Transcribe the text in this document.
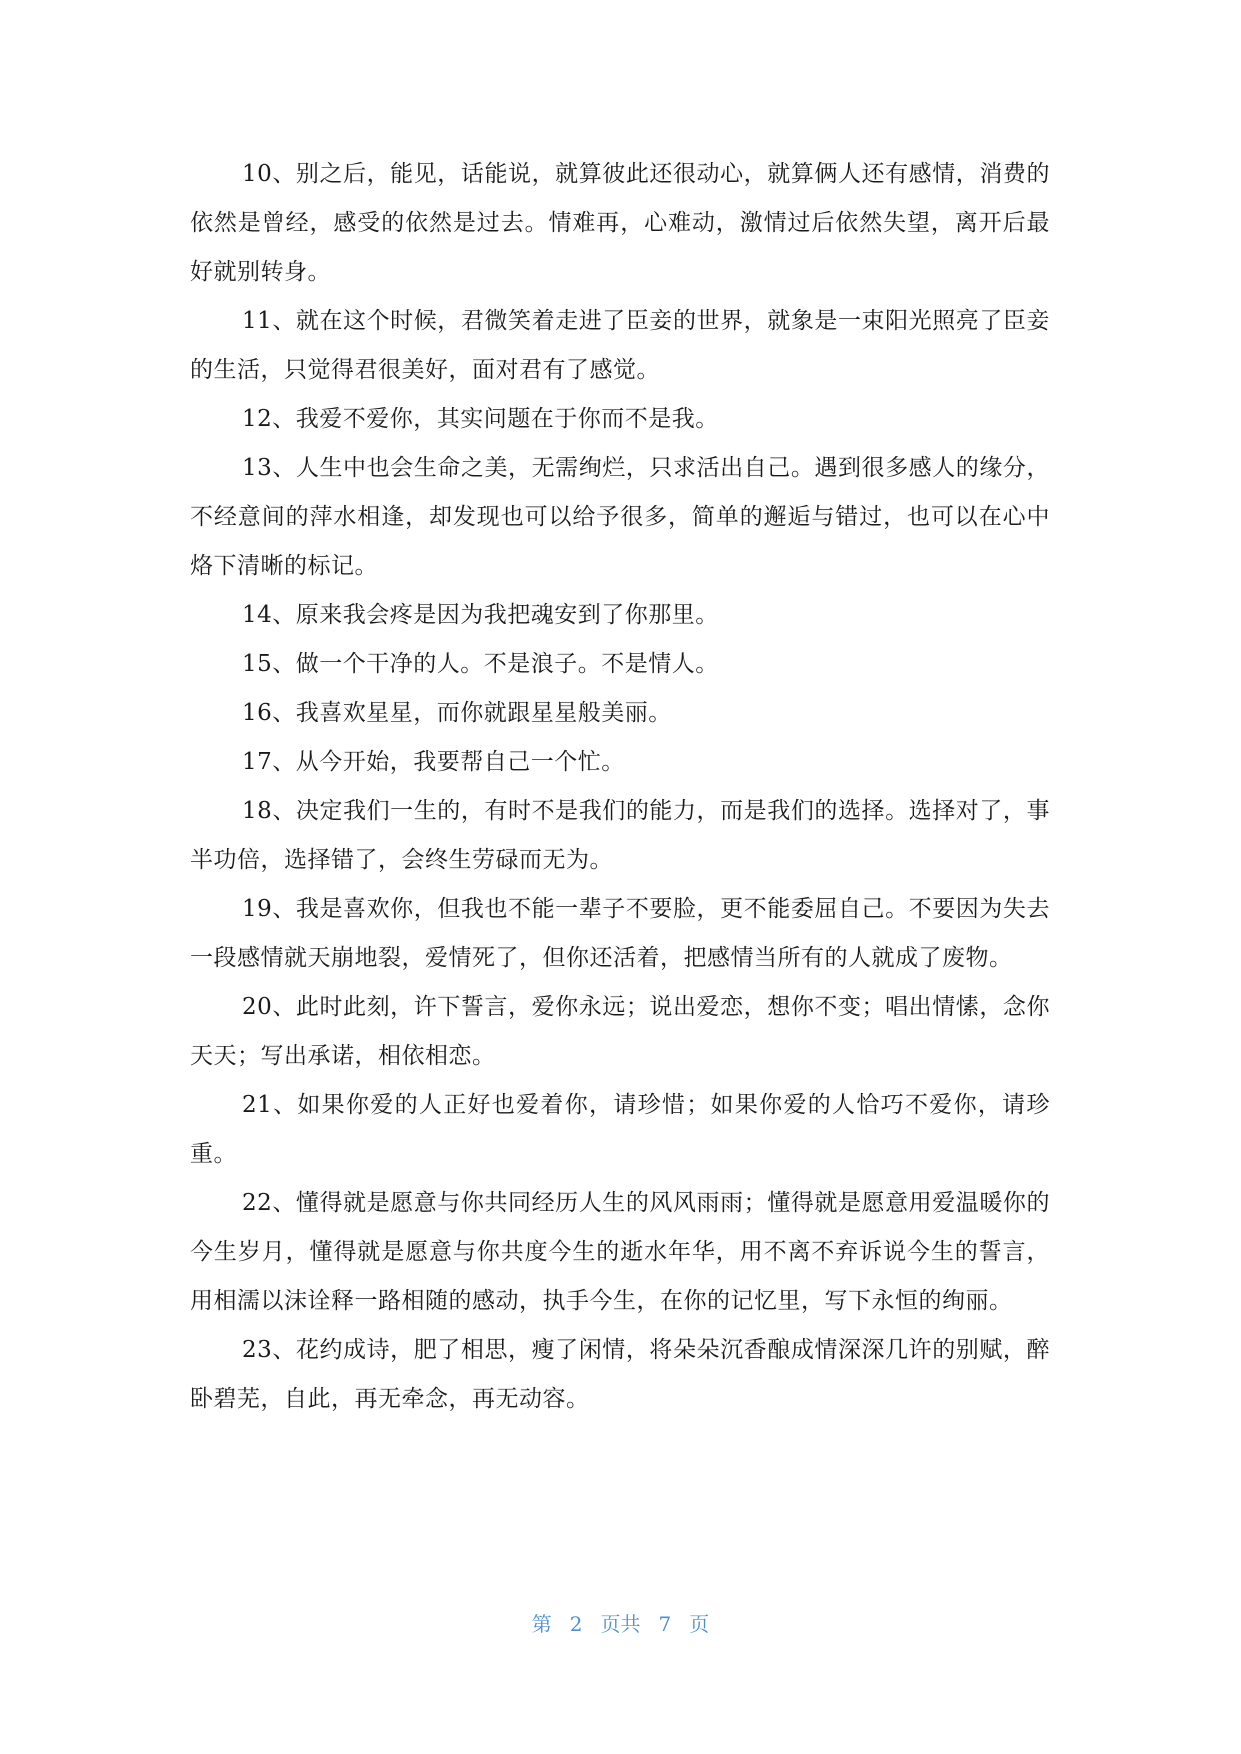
10、别之后，能见，话能说，就算彼此还很动心，就算俩人还有感情，消费的依然是曾经，感受的依然是过去。情难再，心难动，激情过后依然失望，离开后最好就别转身。

11、就在这个时候，君微笑着走进了臣妾的世界，就象是一束阳光照亮了臣妾的生活，只觉得君很美好，面对君有了感觉。

12、我爱不爱你，其实问题在于你而不是我。

13、人生中也会生命之美，无需绚烂，只求活出自己。遇到很多感人的缘分，不经意间的萍水相逢，却发现也可以给予很多，简单的邂逅与错过，也可以在心中烙下清晰的标记。

14、原来我会疼是因为我把魂安到了你那里。

15、做一个干净的人。不是浪子。不是情人。

16、我喜欢星星，而你就跟星星般美丽。

17、从今开始，我要帮自己一个忙。

18、决定我们一生的，有时不是我们的能力，而是我们的选择。选择对了，事半功倍，选择错了，会终生劳碌而无为。

19、我是喜欢你，但我也不能一辈子不要脸，更不能委屈自己。不要因为失去一段感情就天崩地裂，爱情死了，但你还活着，把感情当所有的人就成了废物。

20、此时此刻，许下誓言，爱你永远；说出爱恋，想你不变；唱出情愫，念你天天；写出承诺，相依相恋。

21、如果你爱的人正好也爱着你，请珍惜；如果你爱的人恰巧不爱你，请珍重。

22、懂得就是愿意与你共同经历人生的风风雨雨；懂得就是愿意用爱温暖你的今生岁月，懂得就是愿意与你共度今生的逝水年华，用不离不弃诉说今生的誓言，用相濡以沫诠释一路相随的感动，执手今生，在你的记忆里，写下永恒的绚丽。

23、花约成诗，肥了相思，瘦了闲情，将朵朵沉香酿成情深深几许的别赋，醉卧碧芜，自此，再无牵念，再无动容。

第 2 页共 7 页
